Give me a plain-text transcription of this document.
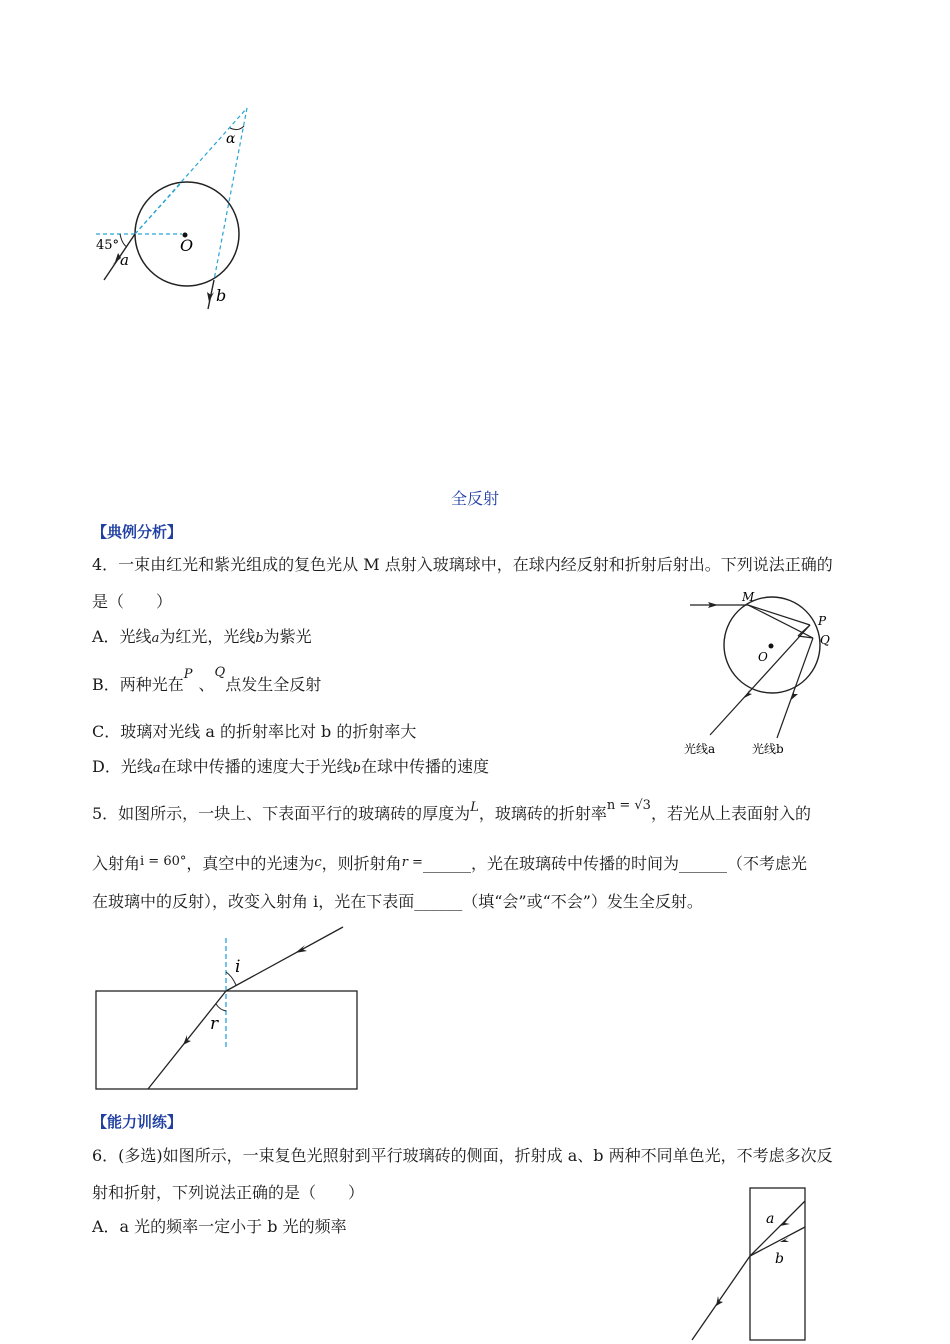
α
45°	O
a
b
全反射
【典例分析】
4．一束由红光和紫光组成的复色光从 M 点射入玻璃球中，在球内经反射和折射后射出。下列说法正确的
是（　　）
A．光线a为红光，光线b为紫光
B．两种光在$^P$、$^Q$点发生全反射
C．玻璃对光线 a 的折射率比对 b 的折射率大
D．光线a在球中传播的速度大于光线b在球中传播的速度
M
P
Q
O
光线a	光线b
5．如图所示，一块上、下表面平行的玻璃砖的厚度为$^L$，玻璃砖的折射率$^{n = √3}$，若光从上表面射入的
入射角$^{i = 60^\circ}$，真空中的光速为c，则折射角r =______，光在玻璃砖中传播的时间为______（不考虑光
在玻璃中的反射），改变入射角 i，光在下表面______（填“会”或“不会”）发生全反射。
i
r
【能力训练】
6．(多选)如图所示，一束复色光照射到平行玻璃砖的侧面，折射成 a、b 两种不同单色光，不考虑多次反
射和折射，下列说法正确的是（　　）
A．a 光的频率一定小于 b 光的频率	a
b
